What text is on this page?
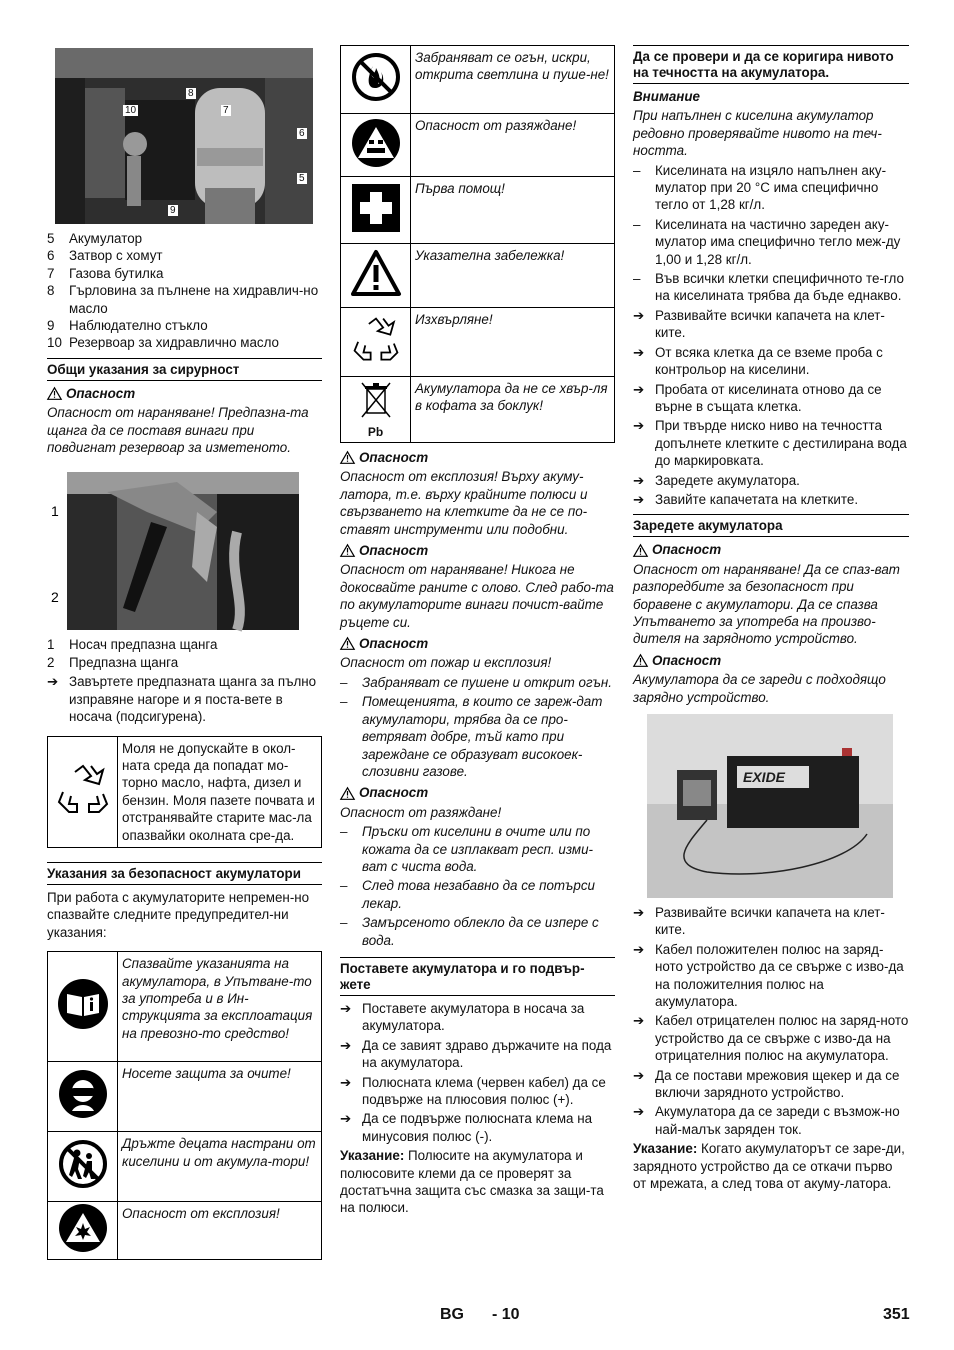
10
8
7
6
5
9
5	Акумулатор
6	Затвор с хомут
7	Газова бутилка
8	Гърловина за пълнене на хидравлич-но масло
9	Наблюдателно стъкло
10 Резервоар за хидравлично масло
Общи указания за сирурност
Опасност
Опасност от нараняване! Предпазна-та щанга да се поставя винаги при повдигнат резервоар за изметеното.
1
2
1	Носач предпазна щанга
2	Предпазна щанга
➔ Завъртете предпазната щанга за пълно изправяне нагоре и я поста-вете в носача (подсигурена).
	Моля не допускайте в окол-ната среда да попадат мо-торно масло, нафта, дизел и бензин. Моля пазете почвата и отстранявайте старите мас-ла опазвайки околната сре-да.
Указания за безопасност акумулатори
При работа с акумулаторите непремен-но спазвайте следните предупредител-ни указания:
	Спазвайте указанията на акумулатора, в Упътване-то за употреба и в Ин-струкцията за експлоатация на превозно-то средство!
	Носете защита за очите!
	Дръжте децата настрани от киселини и от акумула-тори!
	Опасност от експлозия!
	Забраняват се огън, искри, открита светлина и пуше-не!
	Опасност от разяждане!
	Първа помощ!
	Указателна забележка!
	Изхвърляне!

Pb	Акумулатора да не се хвър-ля в кофата за боклук!
Опасност
Опасност от експлозия! Върху акуму-латора, т.е. върху крайните полюси и свързването на клетките да не се по-ставят инструменти или подобни.
Опасност
Опасност от нараняване! Никога не докосвайте раните с олово. След рабо-та по акумулаторите винаги почист-вайте ръцете си.
Опасност
Опасност от пожар и експлозия!
–	Забраняват се пушене и открит огън.
–	Помещенията, в които се зареж-дат акумулатори, трябва да се про-ветряват добре, тъй като при зареждане се образуват високоек-слозивни газове.
Опасност
Опасност от разяждане!
–	Пръски от киселини в очите или по кожата да се изплакват респ. изми-ват с чиста вода.
–	След това незабавно да се потърси лекар.
–	Замърсеното облекло да се изпере с вода.
Поставете акумулатора и го подвър-жете
➔ Поставете акумулатора в носача за акумулатора.
➔ Да се завият здраво държачите на пода на акумулатора.
➔ Полюсната клема (червен кабел) да се подвърже на плюсовия полюс (+).
➔ Да се подвърже полюсната клема на минусовия полюс (-).
Указание: Полюсите на акумулатора и полюсовите клеми да се проверят за достатъчна защита със смазка за защи-та на полюси.
Да се провери и да се коригира нивото на течността на акумулатора.
Внимание
При напълнен с киселина акумулатор редовно проверявайте нивото на теч-ността.
–	Киселината на изцяло напълнен аку-мулатор при 20 °C има специфично тегло от 1,28 кг/л.
–	Киселината на частично зареден аку-мулатор има специфично тегло меж-ду 1,00 и 1,28 кг/л.
–	Във всички клетки специфичното те-гло на киселината трябва да бъде еднакво.
➔ Развивайте всички капачета на клет-ките.
➔ От всяка клетка да се вземе проба с контрольор на киселини.
➔ Пробата от киселината отново да се върне в същата клетка.
➔ При твърде ниско ниво на течността допълнете клетките с дестилирана вода до маркировката.
➔ Заредете акумулатора.
➔ Завийте капачетата на клетките.
Заредете акумулатора
Опасност
Опасност от нараняване! Да се спаз-ват разпоредбите за безопасност при боравене с акумулатори. Да се спазва Упътването за употреба на произво-дителя на зарядното устройство.
Опасност
Акумулатора да се зареди с подходящо зарядно устройство.
EXIDE
➔ Развивайте всички капачета на клет-ките.
➔ Кабел положителен полюс на заряд-ното устройство да се свърже с изво-да на положителния полюс на акумулатора.
➔ Кабел отрицателен полюс на заряд-ното устройство да се свърже с изво-да на отрицателния полюс на акумулатора.
➔ Да се постави мрежовия щекер и да се включи зарядното устройство.
➔ Акумулатора да се зареди с възмож-но най-малък заряден ток.
Указание: Когато акумулаторът се заре-ди, зарядното устройство да се откачи първо от мрежата, а след това от акуму-латора.
BG - 10	351
